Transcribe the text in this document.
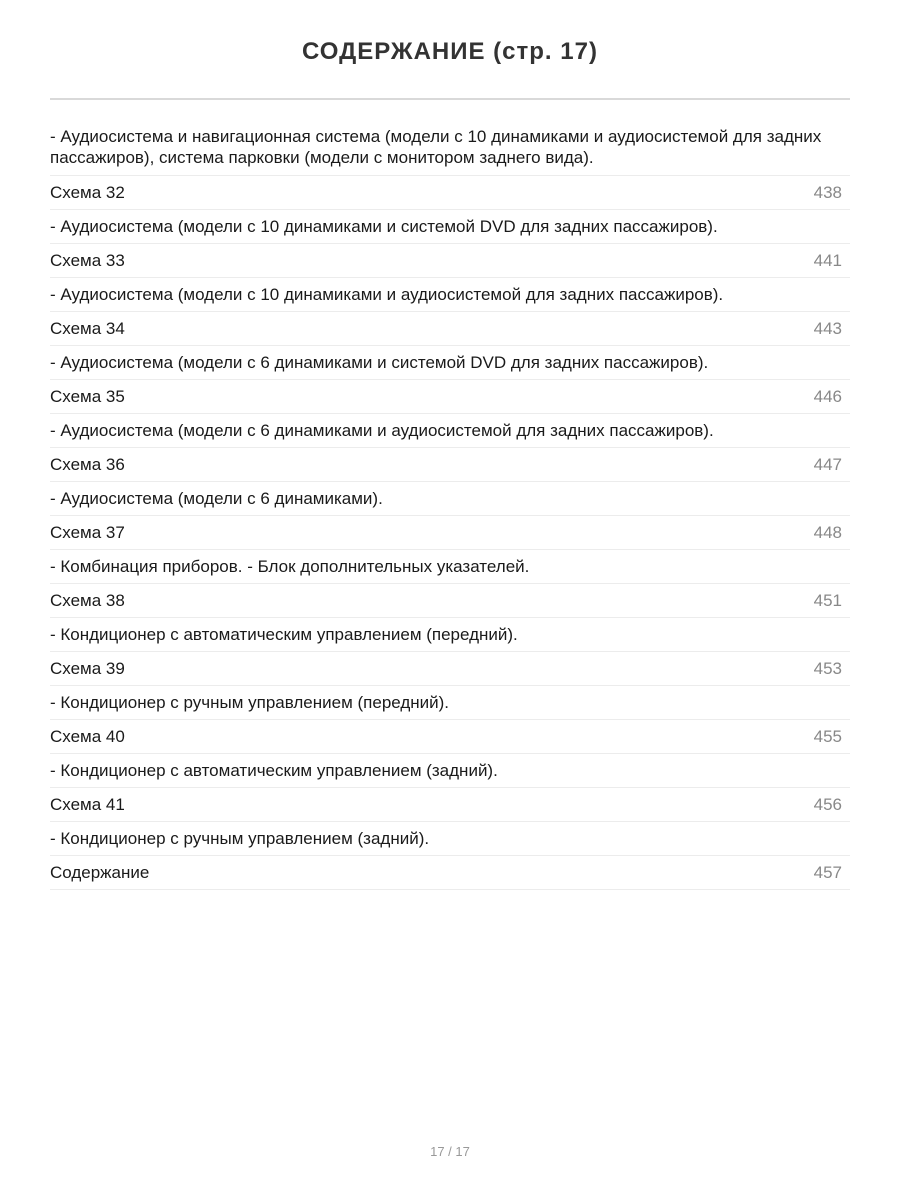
СОДЕРЖАНИЕ (стр. 17)
- Аудиосистема и навигационная система (модели с 10 динамиками и аудиосистемой для задних пассажиров), система парковки (модели с монитором заднего вида).
Схема 32	438
- Аудиосистема (модели с 10 динамиками и системой DVD для задних пассажиров).
Схема 33	441
- Аудиосистема (модели с 10 динамиками и аудиосистемой для задних пассажиров).
Схема 34	443
- Аудиосистема (модели с 6 динамиками и системой DVD для задних пассажиров).
Схема 35	446
- Аудиосистема (модели с 6 динамиками и аудиосистемой для задних пассажиров).
Схема 36	447
- Аудиосистема (модели с 6 динамиками).
Схема 37	448
- Комбинация приборов. - Блок дополнительных указателей.
Схема 38	451
- Кондиционер с автоматическим управлением (передний).
Схема 39	453
- Кондиционер с ручным управлением (передний).
Схема 40	455
- Кондиционер с автоматическим управлением (задний).
Схема 41	456
- Кондиционер с ручным управлением (задний).
Содержание	457
17 / 17
